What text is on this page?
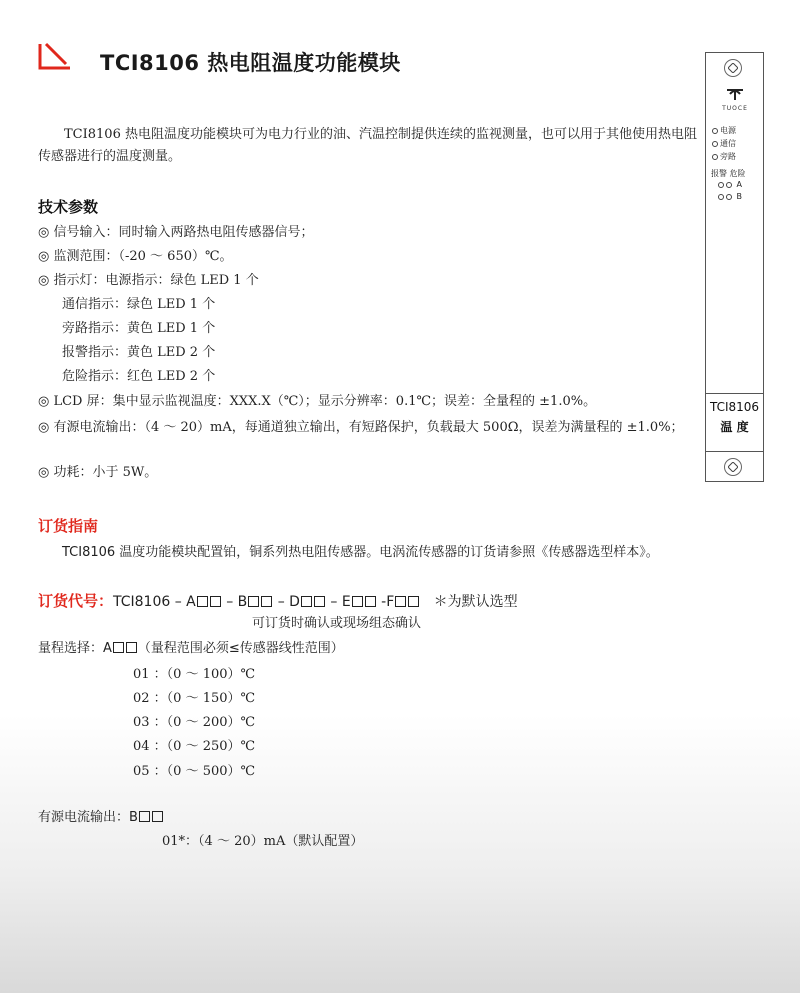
TCI8106 热电阻温度功能模块
TCI8106 热电阻温度功能模块可为电力行业的油、汽温控制提供连续的监视测量，也可以用于其他使用热电阻传感器进行的温度测量。
技术参数
◎ 信号输入：同时输入两路热电阻传感器信号；
◎ 监测范围：（-20 ～ 650）℃。
◎ 指示灯：电源指示：绿色 LED 1 个
通信指示：绿色 LED 1 个
旁路指示：黄色 LED 1 个
报警指示：黄色 LED 2 个
危险指示：红色 LED 2 个
◎ LCD 屏：集中显示监视温度：XXX.X（℃）；显示分辨率：0.1℃；误差：全量程的 ±1.0%。
◎ 有源电流输出：（4 ～ 20）mA，每通道独立输出，有短路保护，负载最大 500Ω，误差为满量程的 ±1.0%；
◎ 功耗：小于 5W。
订货指南
TCI8106 温度功能模块配置铂，铜系列热电阻传感器。电涡流传感器的订货请参照《传感器选型样本》。
订货代号：TCI8106 – A – B – D – E -F	＊为默认选型
可订货时确认或现场组态确认
量程选择：A （量程范围必须≤传感器线性范围）
01 ：（0 ～ 100）℃
02 ：（0 ～ 150）℃
03 ：（0 ～ 200）℃
04 ：（0 ～ 250）℃
05 ：（0 ～ 500）℃
有源电流输出：B
01*：（4 ～ 20）mA（默认配置）
TUOCE
电源
通信
旁路
报警 危险
A
B
TCI8106
温 度
